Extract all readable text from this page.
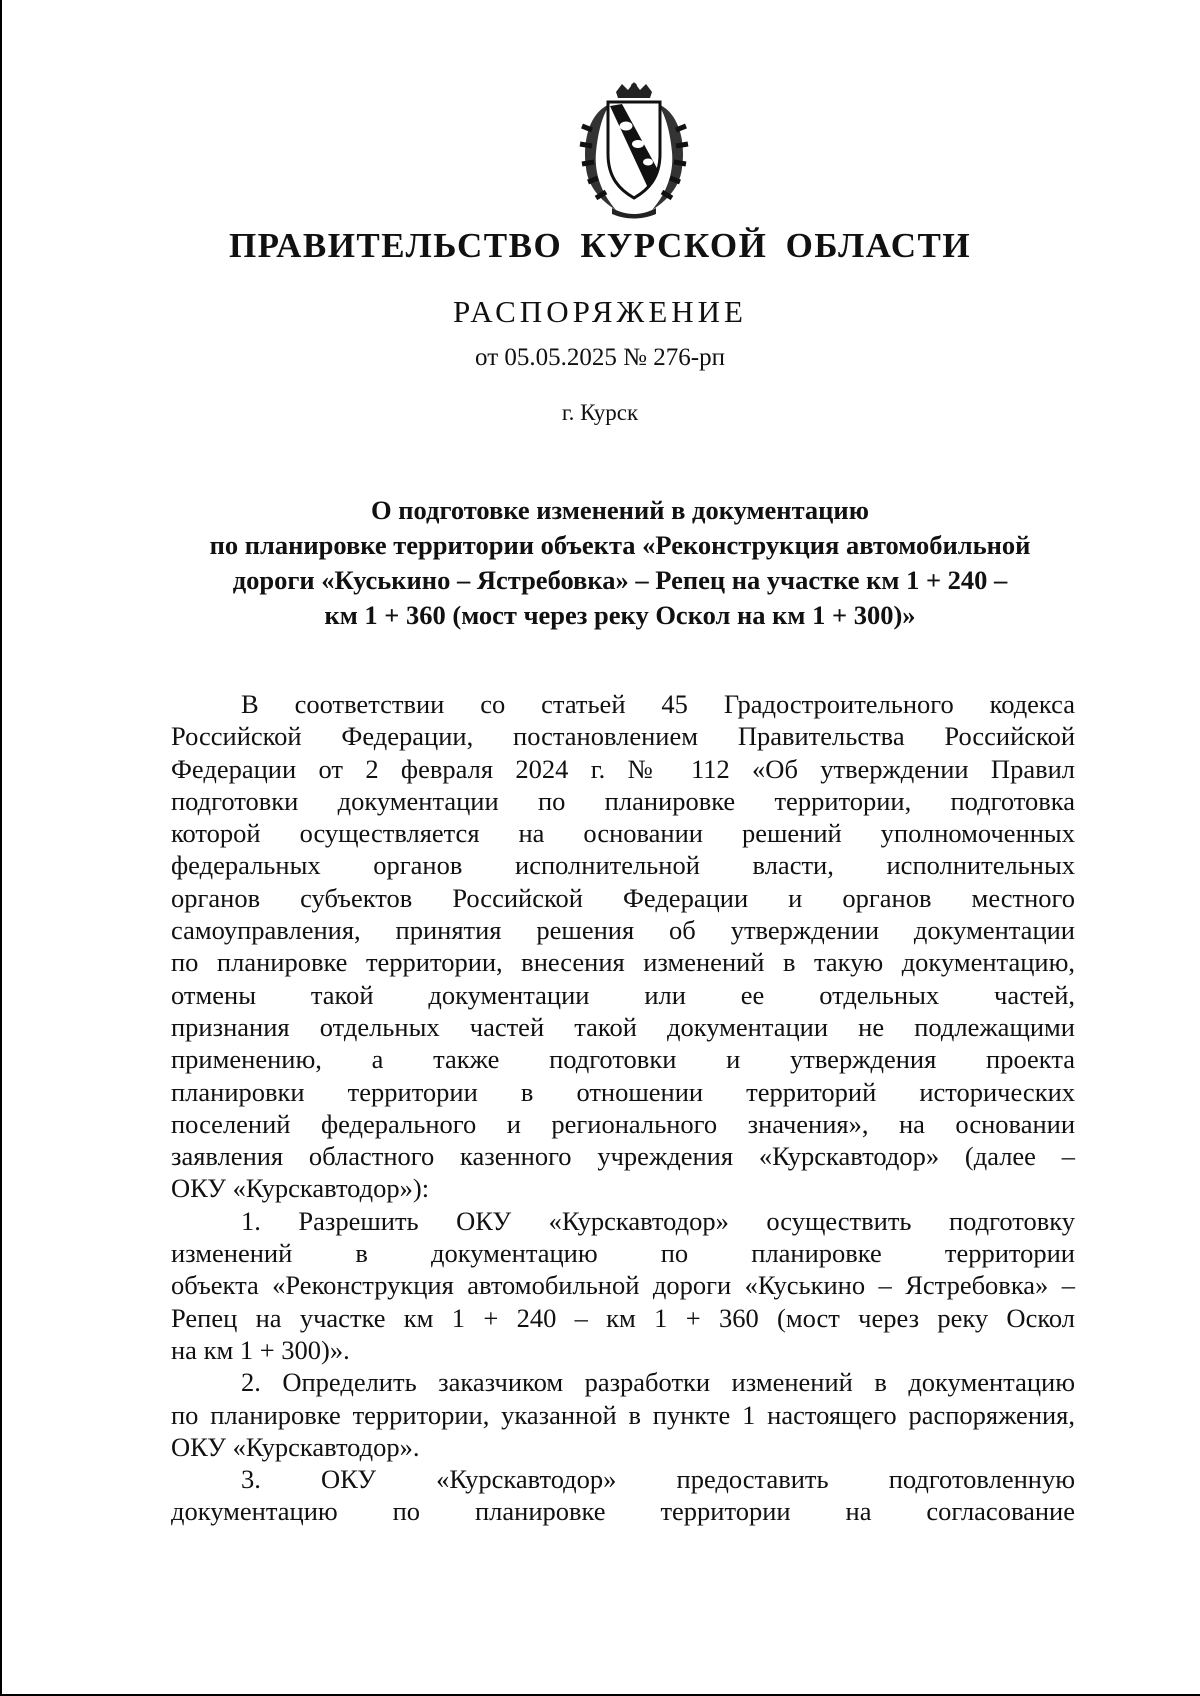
ПРАВИТЕЛЬСТВО КУРСКОЙ ОБЛАСТИ
РАСПОРЯЖЕНИЕ
от 05.05.2025 № 276-рп
г. Курск
О подготовке изменений в документацию
по планировке территории объекта «Реконструкция автомобильной
дороги «Куськино – Ястребовка» – Репец на участке км 1 + 240 –
км 1 + 360 (мост через реку Оскол на км 1 + 300)»

В соответствии со статьей 45 Градостроительного кодекса
Российской Федерации, постановлением Правительства Российской
Федерации от 2 февраля 2024 г. № 112 «Об утверждении Правил
подготовки документации по планировке территории, подготовка
которой осуществляется на основании решений уполномоченных
федеральных органов исполнительной власти, исполнительных
органов субъектов Российской Федерации и органов местного
самоуправления, принятия решения об утверждении документации
по планировке территории, внесения изменений в такую документацию,
отмены такой документации или ее отдельных частей,
признания отдельных частей такой документации не подлежащими
применению, а также подготовки и утверждения проекта
планировки территории в отношении территорий исторических
поселений федерального и регионального значения», на основании
заявления областного казенного учреждения «Курскавтодор» (далее –
ОКУ «Курскавтодор»):

1. Разрешить ОКУ «Курскавтодор» осуществить подготовку
изменений в документацию по планировке территории
объекта «Реконструкция автомобильной дороги «Куськино – Ястребовка» –
Репец на участке км 1 + 240 – км 1 + 360 (мост через реку Оскол
на км 1 + 300)».

2. Определить заказчиком разработки изменений в документацию
по планировке территории, указанной в пункте 1 настоящего распоряжения,
ОКУ «Курскавтодор».

3. ОКУ «Курскавтодор» предоставить подготовленную
документацию по планировке территории на согласование
